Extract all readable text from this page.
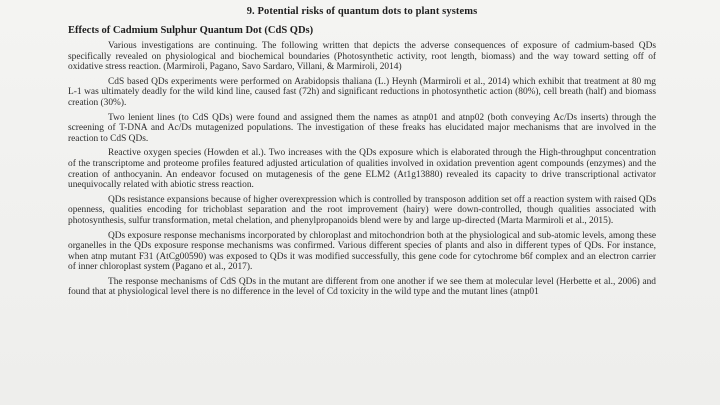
9. Potential risks of quantum dots to plant systems
Effects of Cadmium Sulphur Quantum Dot (CdS QDs)

Various investigations are continuing. The following written that depicts the adverse consequences of exposure of cadmium-based QDs specifically revealed on physiological and biochemical boundaries (Photosynthetic activity, root length, biomass) and the way toward setting off of oxidative stress reaction. (Marmiroli, Pagano, Savo Sardaro, Villani, & Marmiroli, 2014)

CdS based QDs experiments were performed on Arabidopsis thaliana (L.) Heynh (Marmiroli et al., 2014) which exhibit that treatment at 80 mg L-1 was ultimately deadly for the wild kind line, caused fast (72h) and significant reductions in photosynthetic action (80%), cell breath (half) and biomass creation (30%).

Two lenient lines (to CdS QDs) were found and assigned them the names as atnp01 and atnp02 (both conveying Ac/Ds inserts) through the screening of T-DNA and Ac/Ds mutagenized populations. The investigation of these freaks has elucidated major mechanisms that are involved in the reaction to CdS QDs.

Reactive oxygen species (Howden et al.). Two increases with the QDs exposure which is elaborated through the High-throughput concentration of the transcriptome and proteome profiles featured adjusted articulation of qualities involved in oxidation prevention agent compounds (enzymes) and the creation of anthocyanin. An endeavor focused on mutagenesis of the gene ELM2 (At1g13880) revealed its capacity to drive transcriptional activator unequivocally related with abiotic stress reaction.

QDs resistance expansions because of higher overexpression which is controlled by transposon addition set off a reaction system with raised QDs openness, qualities encoding for trichoblast separation and the root improvement (hairy) were down-controlled, though qualities associated with photosynthesis, sulfur transformation, metal chelation, and phenylpropanoids blend were by and large up-directed (Marta Marmiroli et al., 2015).

QDs exposure response mechanisms incorporated by chloroplast and mitochondrion both at the physiological and sub-atomic levels, among these organelles in the QDs exposure response mechanisms was confirmed. Various different species of plants and also in different types of QDs. For instance, when atnp mutant F31 (AtCg00590) was exposed to QDs it was modified successfully, this gene code for cytochrome b6f complex and an electron carrier of inner chloroplast system (Pagano et al., 2017).

The response mechanisms of CdS QDs in the mutant are different from one another if we see them at molecular level (Herbette et al., 2006) and found that at physiological level there is no difference in the level of Cd toxicity in the wild type and the mutant lines (atnp01
